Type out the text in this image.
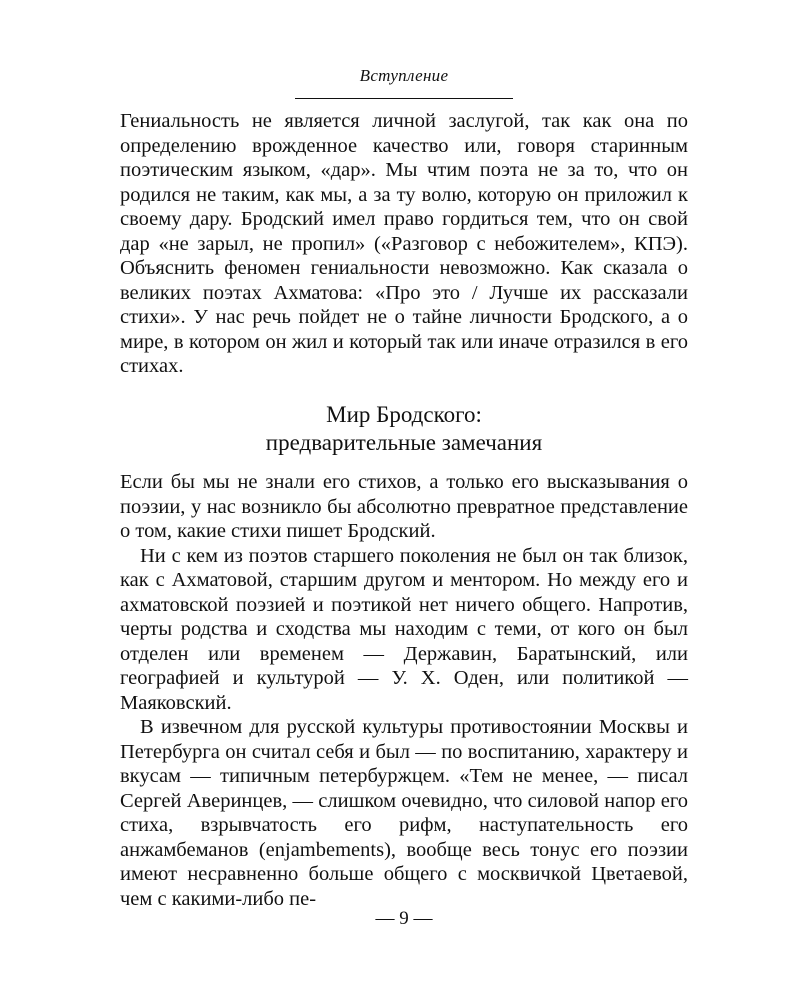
Вступление

Гениальность не является личной заслугой, так как она по определению врожденное качество или, говоря старинным поэтическим языком, «дар». Мы чтим поэта не за то, что он родился не таким, как мы, а за ту волю, которую он приложил к своему дару. Бродский имел право гордиться тем, что он свой дар «не зарыл, не пропил» («Разговор с небожителем», КПЭ). Объяснить феномен гениальности невозможно. Как сказала о великих поэтах Ахматова: «Про это / Лучше их рассказали стихи». У нас речь пойдет не о тайне личности Бродского, а о мире, в котором он жил и который так или иначе отразился в его стихах.

Мир Бродского:
предварительные замечания

Если бы мы не знали его стихов, а только его высказывания о поэзии, у нас возникло бы абсолютно превратное представление о том, какие стихи пишет Бродский.

Ни с кем из поэтов старшего поколения не был он так близок, как с Ахматовой, старшим другом и ментором. Но между его и ахматовской поэзией и поэтикой нет ничего общего. Напротив, черты родства и сходства мы находим с теми, от кого он был отделен или временем — Державин, Баратынский, или географией и культурой — У. Х. Оден, или политикой — Маяковский.

В извечном для русской культуры противостоянии Москвы и Петербурга он считал себя и был — по воспитанию, характеру и вкусам — типичным петербуржцем. «Тем не менее, — писал Сергей Аверинцев, — слишком очевидно, что силовой напор его стиха, взрывчатость его рифм, наступательность его анжамбеманов (enjambements), вообще весь тонус его поэзии имеют несравненно больше общего с москвичкой Цветаевой, чем с какими-либо пе-

— 9 —
